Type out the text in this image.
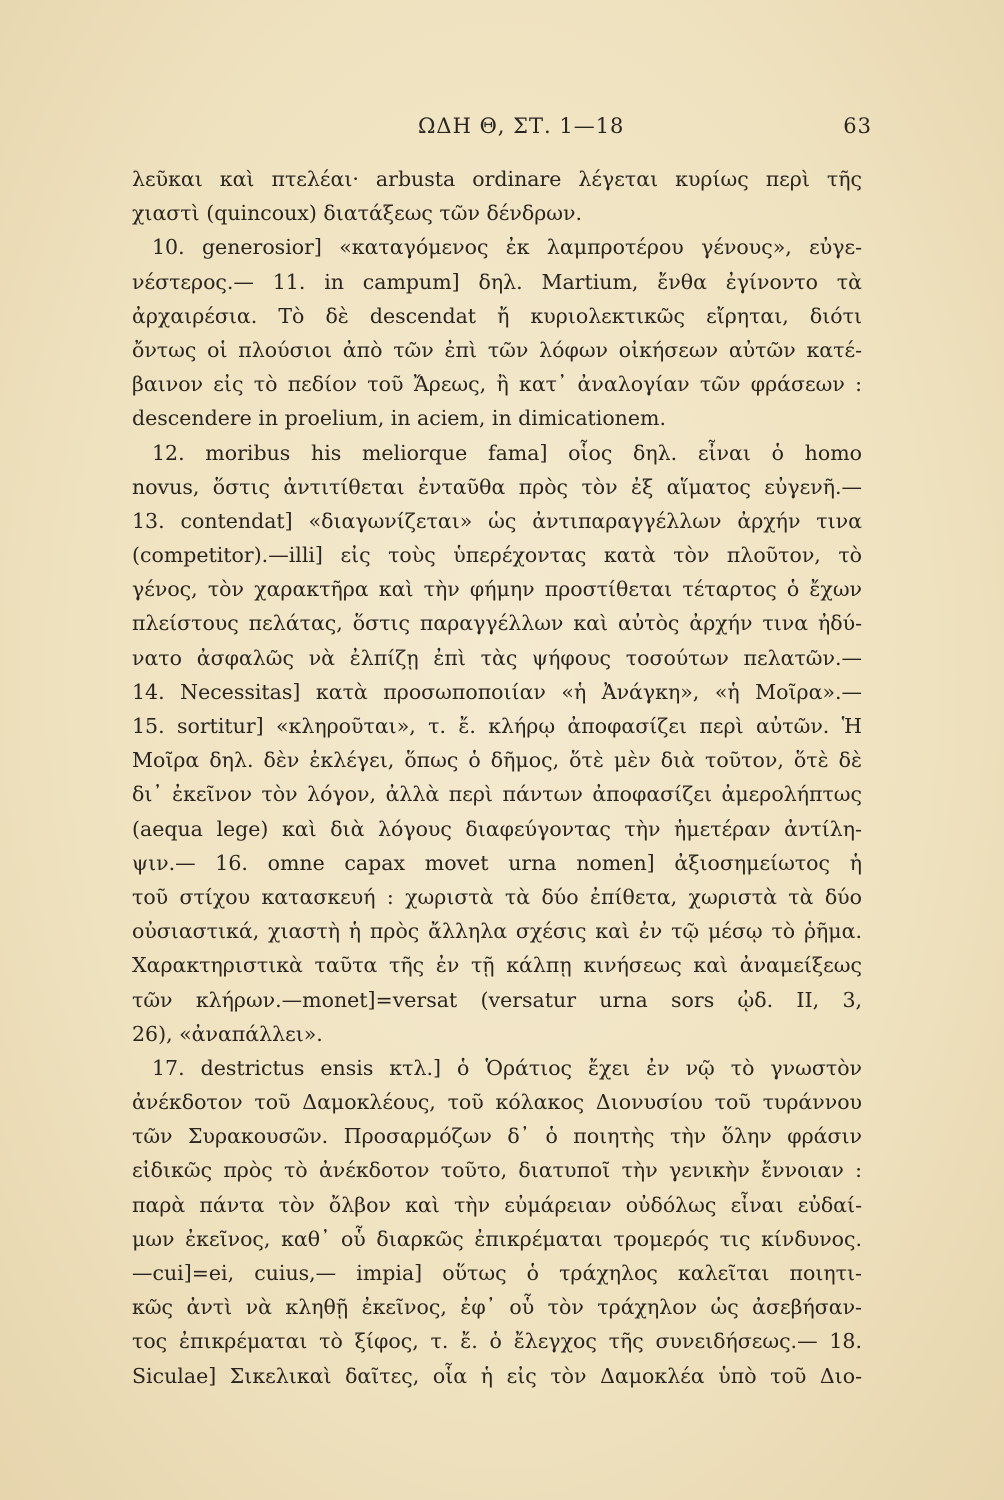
ΩΔΗ Θ, ΣΤ. 1—18	63
λεῦκαι καὶ πτελέαι· arbusta ordinare λέγεται κυρίως περὶ τῆς
χιαστὶ (quincoux) διατάξεως τῶν δένδρων.
10. generosior] «καταγόμενος ἐκ λαμπροτέρου γένους», εὐγε-
νέστερος.— 11. in campum] δηλ. Martium, ἔνθα ἐγίνοντο τὰ
ἀρχαιρέσια. Τὸ δὲ descendat ἤ κυριολεκτικῶς εἴρηται, διότι
ὄντως οἱ πλούσιοι ἀπὸ τῶν ἐπὶ τῶν λόφων οἰκήσεων αὐτῶν κατέ-
βαινον εἰς τὸ πεδίον τοῦ Ἄρεως, ἢ κατ᾿ ἀναλογίαν τῶν φράσεων :
descendere in proelium, in aciem, in dimicationem.
12. moribus his meliorque fama] οἷος δηλ. εἶναι ὁ homo
novus, ὅστις ἀντιτίθεται ἐνταῦθα πρὸς τὸν ἐξ αἵματος εὐγενῆ.—
13. contendat] «διαγωνίζεται» ὡς ἀντιπαραγγέλλων ἀρχήν τινα
(competitor).—illi] εἰς τοὺς ὑπερέχοντας κατὰ τὸν πλοῦτον, τὸ
γένος, τὸν χαρακτῆρα καὶ τὴν φήμην προστίθεται τέταρτος ὁ ἔχων
πλείστους πελάτας, ὅστις παραγγέλλων καὶ αὐτὸς ἀρχήν τινα ἠδύ-
νατο ἀσφαλῶς νὰ ἐλπίζῃ ἐπὶ τὰς ψήφους τοσούτων πελατῶν.—
14. Necessitas] κατὰ προσωποποιίαν «ἡ Ἀνάγκη», «ἡ Μοῖρα».—
15. sortitur] «κληροῦται», τ. ἔ. κλήρῳ ἀποφασίζει περὶ αὐτῶν. Ἡ
Μοῖρα δηλ. δὲν ἐκλέγει, ὅπως ὁ δῆμος, ὅτὲ μὲν διὰ τοῦτον, ὅτὲ δὲ
δι᾿ ἐκεῖνον τὸν λόγον, ἀλλὰ περὶ πάντων ἀποφασίζει ἀμερολήπτως
(aequa lege) καὶ διὰ λόγους διαφεύγοντας τὴν ἡμετέραν ἀντίλη-
ψιν.— 16. omne capax movet urna nomen] ἀξιοσημείωτος ἡ
τοῦ στίχου κατασκευή : χωριστὰ τὰ δύο ἐπίθετα, χωριστὰ τὰ δύο
οὐσιαστικά, χιαστὴ ἡ πρὸς ἄλληλα σχέσις καὶ ἐν τῷ μέσῳ τὸ ῥῆμα.
Χαρακτηριστικὰ ταῦτα τῆς ἐν τῇ κάλπῃ κινήσεως καὶ ἀναμείξεως
τῶν κλήρων.—monet]=versat (versatur urna sors ᾠδ. II, 3,
26), «ἀναπάλλει».
17. destrictus ensis κτλ.] ὁ Ὁράτιος ἔχει ἐν νῷ τὸ γνωστὸν
ἀνέκδοτον τοῦ Δαμοκλέους, τοῦ κόλακος Διονυσίου τοῦ τυράννου
τῶν Συρακουσῶν. Προσαρμόζων δ᾿ ὁ ποιητὴς τὴν ὅλην φράσιν
εἰδικῶς πρὸς τὸ ἀνέκδοτον τοῦτο, διατυποῖ τὴν γενικὴν ἔννοιαν :
παρὰ πάντα τὸν ὄλβον καὶ τὴν εὐμάρειαν οὐδόλως εἶναι εὐδαί-
μων ἐκεῖνος, καθ᾿ οὗ διαρκῶς ἐπικρέμαται τρομερός τις κίνδυνος.
—cui]=ei, cuius,— impia] οὕτως ὁ τράχηλος καλεῖται ποιητι-
κῶς ἀντὶ νὰ κληθῇ ἐκεῖνος, ἐφ᾿ οὗ τὸν τράχηλον ὡς ἀσεβήσαν-
τος ἐπικρέμαται τὸ ξίφος, τ. ἔ. ὁ ἔλεγχος τῆς συνειδήσεως.— 18.
Siculae] Σικελικαὶ δαῖτες, οἷα ἡ εἰς τὸν Δαμοκλέα ὑπὸ τοῦ Διο-
